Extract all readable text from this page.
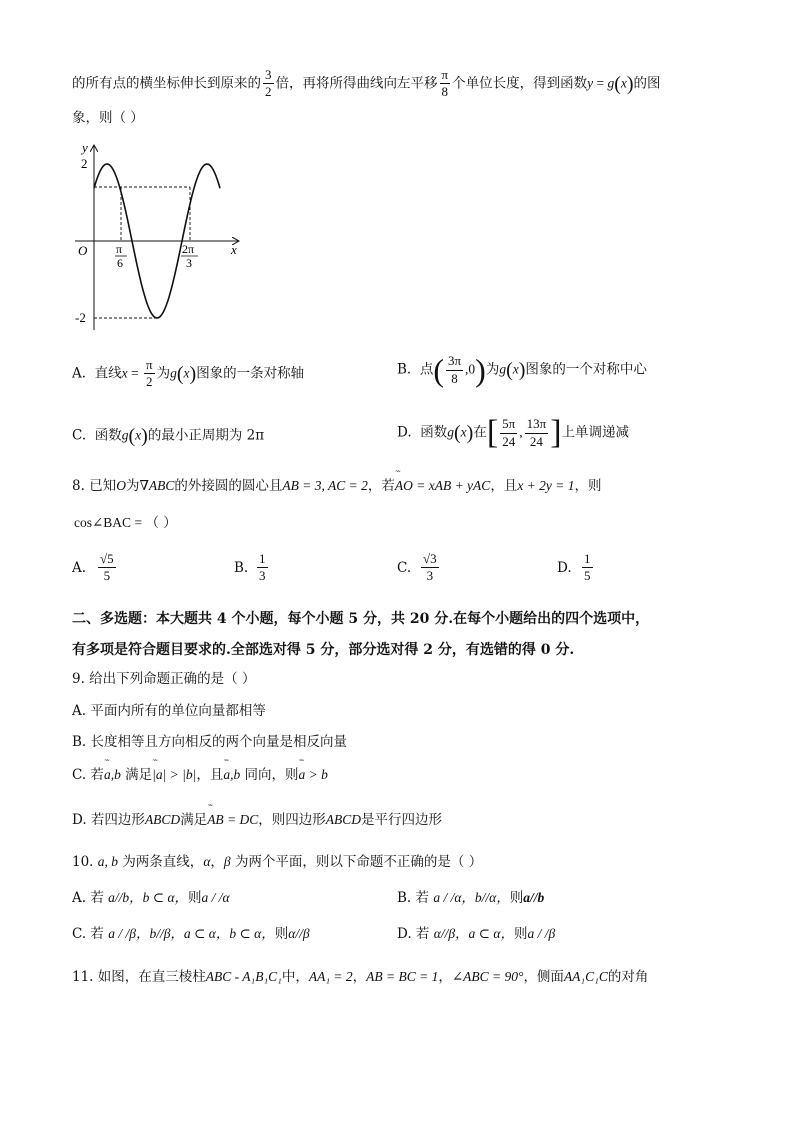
的所有点的横坐标伸长到原来的 $\frac{3}{2}$ 倍，再将所得曲线向左平移 $\frac{\pi}{8}$ 个单位长度，得到函数y = g(x)的图
象，则（ ）
y
x
O
2
-2
π
6
2π
3
A. 直线$x = \frac{\pi}{2}$ 为g(x)图象的一条对称轴	B. 点( $\frac{3\pi}{8} ,0$)为g(x)图象的一个对称中心
C. 函数g(x)的最小正周期为 2π	D. 函数g(x)在[ $\frac{5\pi}{24}$ , $\frac{13\pi}{24}$ ]上单调递减
8. 已知O为∇ABC的外接圆的圆心且AB = 3, AC = 2，若˜˜ AO = xAB + yAC，且x + 2y = 1，则
cos∠BAC = （ ）
A. $\frac{√5}{5}$	B. $\frac{1}{3}$	C. $\frac{√3}{3}$	D. $\frac{1}{5}$
二、多选题：本大题共 4 个小题，每个小题 5 分，共 20 分.在每个小题给出的四个选项中，
有多项是符合题目要求的.全部选对得 5 分，部分选对得 2 分，有选错的得 0 分.
9. 给出下列命题正确的是（ ）
A. 平面内所有的单位向量都相等
B. 长度相等且方向相反的两个向量是相反向量
C. 若˜˜ a,b 满足˜˜ |a| > |b|，且˜˜ a,b 同向，则˜˜ a > b
D. 若四边形ABCD满足˜˜ AB = DC，则四边形ABCD是平行四边形
10. a, b 为两条直线，α，β 为两个平面，则以下命题不正确的是（ ）
A. 若 a//b，b ⊂ α，则a / /α	B. 若 a / /α，b//α，则a//b
C. 若 a / /β，b//β，a ⊂ α，b ⊂ α，则α//β	D. 若 α//β，a ⊂ α，则a / /β
11. 如图，在直三棱柱ABC - A₁B₁C₁中，AA₁ = 2，AB = BC = 1，∠ABC = 90°，侧面AA₁C₁C的对角
